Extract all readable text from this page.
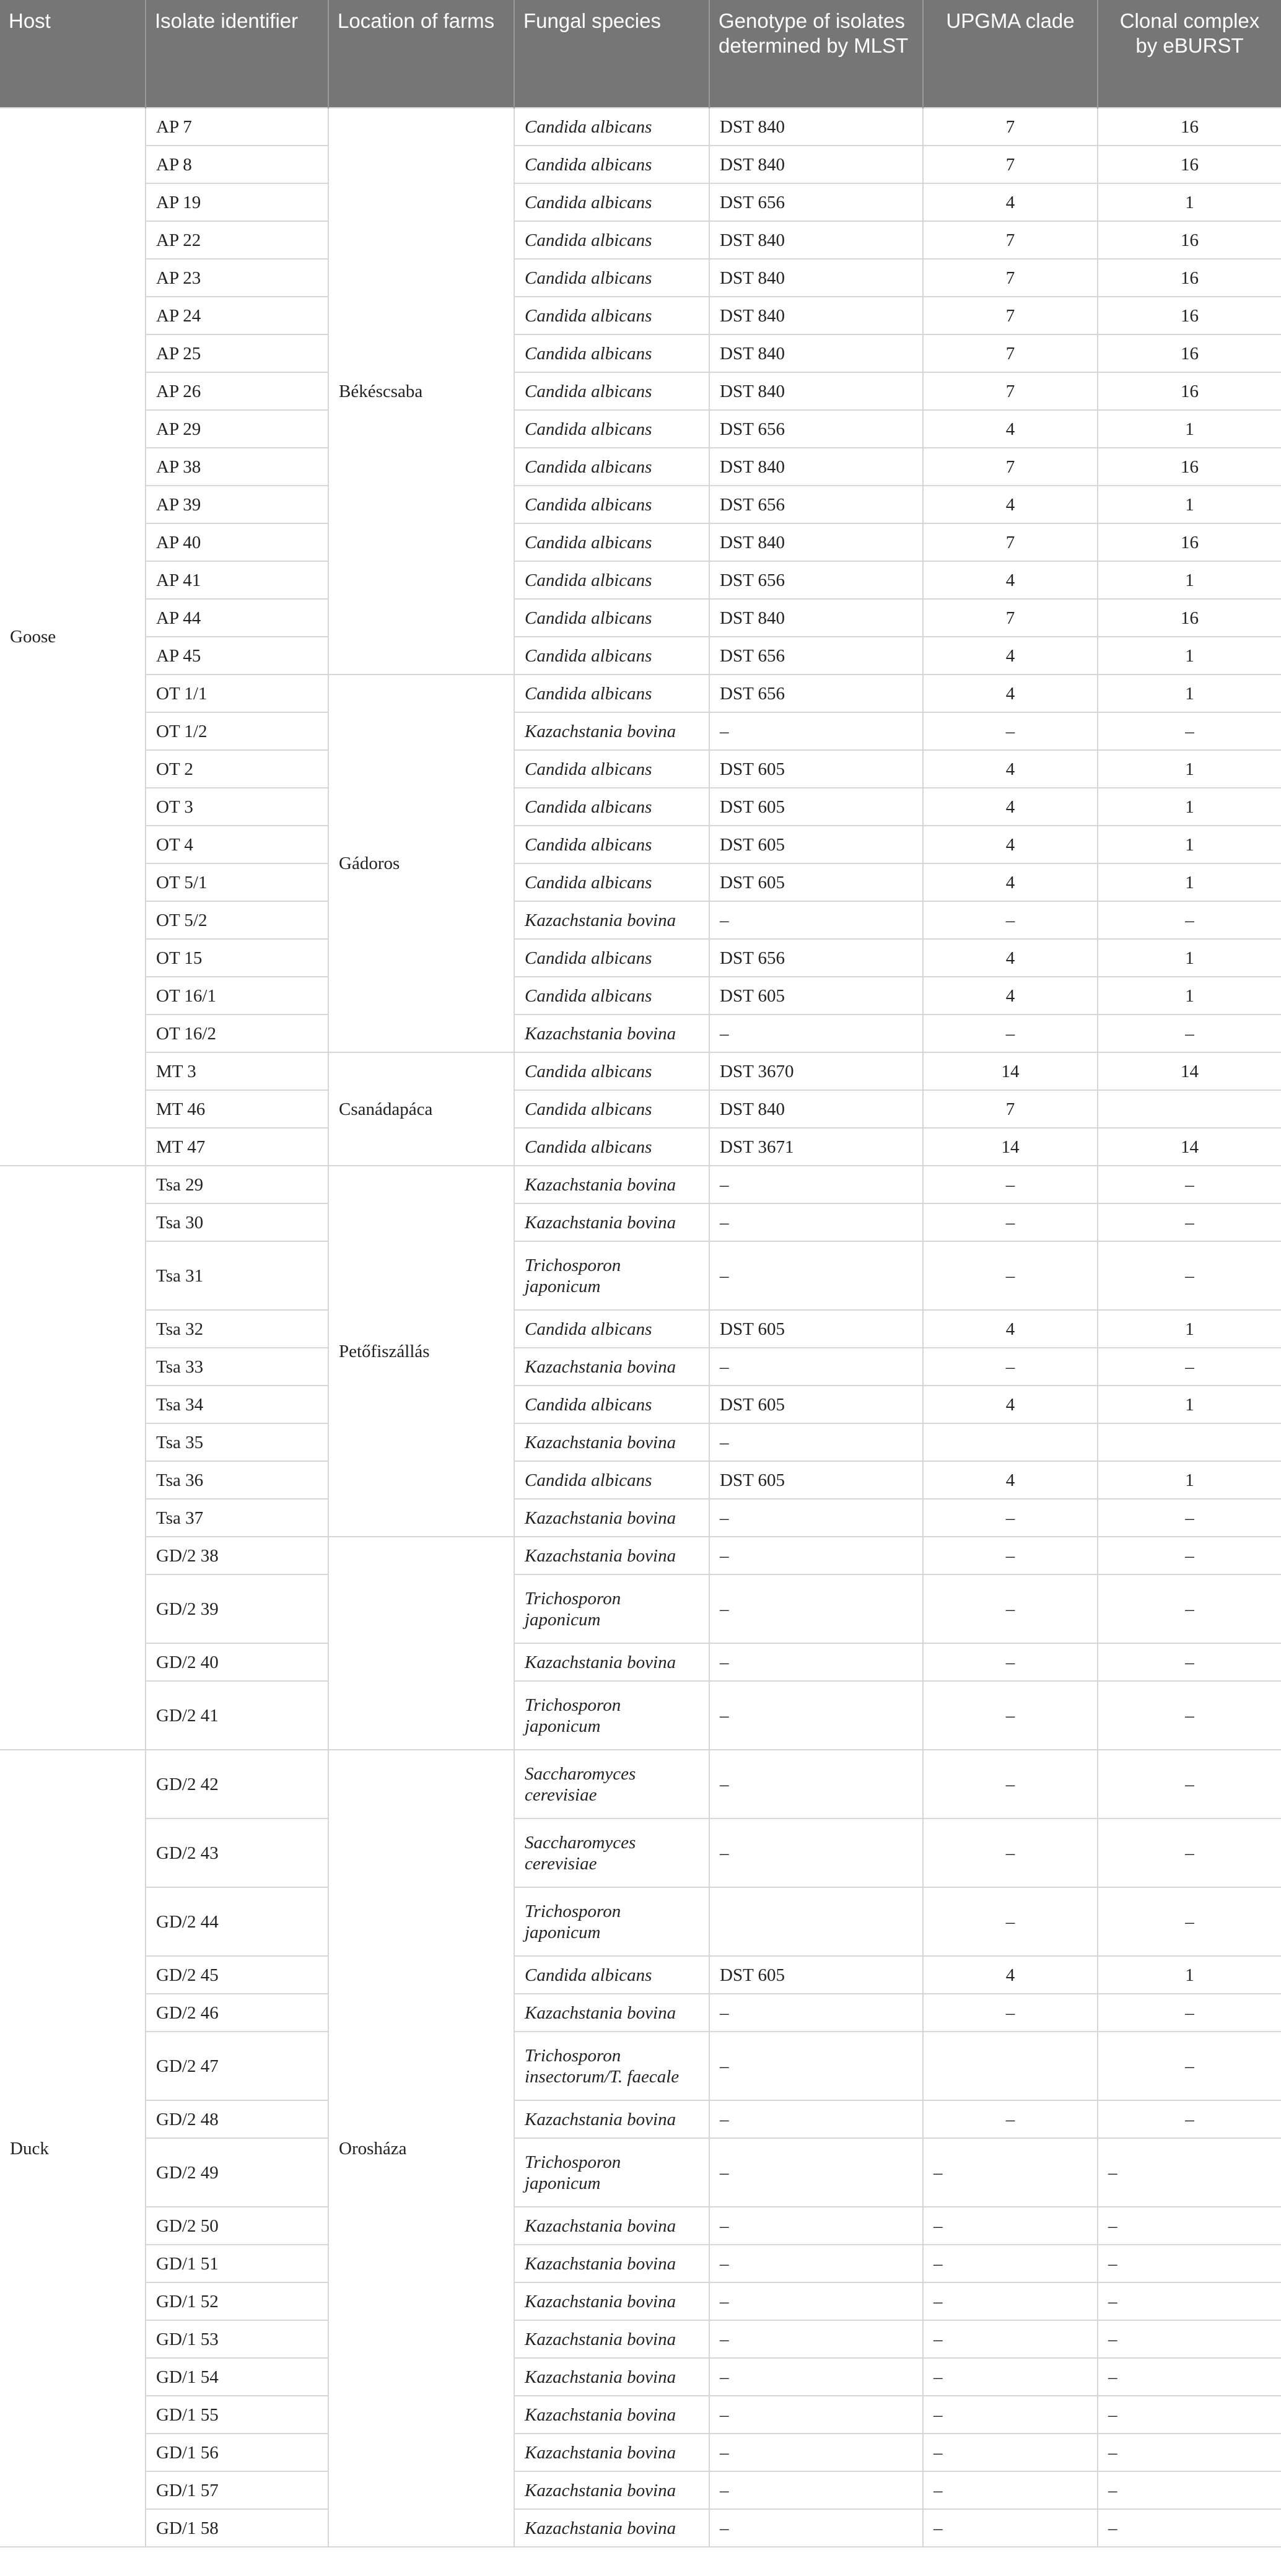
Host	Isolate identifier	Location of farms	Fungal species	Genotype of isolates determined by MLST	UPGMA clade	Clonal complex by eBURST
Goose	AP 7	Békéscsaba	Candida albicans	DST 840	7	16
	AP 8		Candida albicans	DST 840	7	16
	AP 19		Candida albicans	DST 656	4	1
	AP 22		Candida albicans	DST 840	7	16
	AP 23		Candida albicans	DST 840	7	16
	AP 24		Candida albicans	DST 840	7	16
	AP 25		Candida albicans	DST 840	7	16
	AP 26		Candida albicans	DST 840	7	16
	AP 29		Candida albicans	DST 656	4	1
	AP 38		Candida albicans	DST 840	7	16
	AP 39		Candida albicans	DST 656	4	1
	AP 40		Candida albicans	DST 840	7	16
	AP 41		Candida albicans	DST 656	4	1
	AP 44		Candida albicans	DST 840	7	16
	AP 45		Candida albicans	DST 656	4	1
	OT 1/1	Gádoros	Candida albicans	DST 656	4	1
	OT 1/2		Kazachstania bovina	–	–	–
	OT 2		Candida albicans	DST 605	4	1
	OT 3		Candida albicans	DST 605	4	1
	OT 4		Candida albicans	DST 605	4	1
	OT 5/1		Candida albicans	DST 605	4	1
	OT 5/2		Kazachstania bovina	–	–	–
	OT 15		Candida albicans	DST 656	4	1
	OT 16/1		Candida albicans	DST 605	4	1
	OT 16/2		Kazachstania bovina	–	–	–
	MT 3	Csanádapáca	Candida albicans	DST 3670	14	14
	MT 46		Candida albicans	DST 840	7	
	MT 47		Candida albicans	DST 3671	14	14
	Tsa 29	Petőfiszállás	Kazachstania bovina	–	–	–
	Tsa 30		Kazachstania bovina	–	–	–
	Tsa 31		Trichosporon japonicum	–	–	–
	Tsa 32		Candida albicans	DST 605	4	1
	Tsa 33		Kazachstania bovina	–	–	–
	Tsa 34		Candida albicans	DST 605	4	1
	Tsa 35		Kazachstania bovina	–		
	Tsa 36		Candida albicans	DST 605	4	1
	Tsa 37		Kazachstania bovina	–	–	–
	GD/2 38		Kazachstania bovina	–	–	–
	GD/2 39		Trichosporon japonicum	–	–	–
	GD/2 40		Kazachstania bovina	–	–	–
	GD/2 41		Trichosporon japonicum	–	–	–
Duck	GD/2 42	Orosháza	Saccharomyces cerevisiae	–	–	–
	GD/2 43		Saccharomyces cerevisiae	–	–	–
	GD/2 44		Trichosporon japonicum		–	–
	GD/2 45		Candida albicans	DST 605	4	1
	GD/2 46		Kazachstania bovina	–	–	–
	GD/2 47		Trichosporon insectorum/T. faecale	–		–
	GD/2 48		Kazachstania bovina	–	–	–
	GD/2 49		Trichosporon japonicum	–	–	–
	GD/2 50		Kazachstania bovina	–	–	–
	GD/1 51		Kazachstania bovina	–	–	–
	GD/1 52		Kazachstania bovina	–	–	–
	GD/1 53		Kazachstania bovina	–	–	–
	GD/1 54		Kazachstania bovina	–	–	–
	GD/1 55		Kazachstania bovina	–	–	–
	GD/1 56		Kazachstania bovina	–	–	–
	GD/1 57		Kazachstania bovina	–	–	–
	GD/1 58		Kazachstania bovina	–	–	–
